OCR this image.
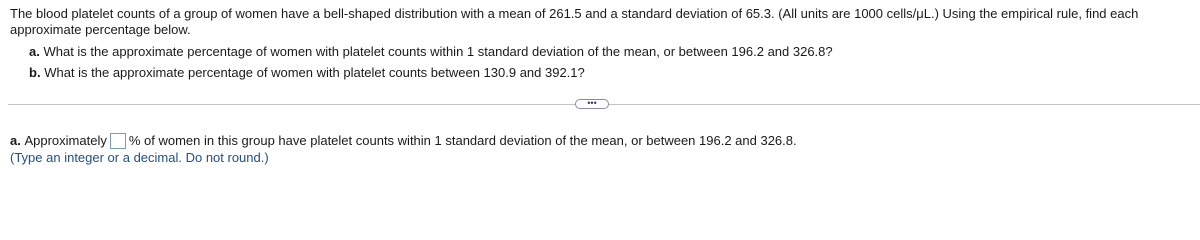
The blood platelet counts of a group of women have a bell-shaped distribution with a mean of 261.5 and a standard deviation of 65.3. (All units are 1000 cells/μL.) Using the empirical rule, find each approximate percentage below.

a. What is the approximate percentage of women with platelet counts within 1 standard deviation of the mean, or between 196.2 and 326.8?

b. What is the approximate percentage of women with platelet counts between 130.9 and 392.1?

•••
a.
Approximately % of women in this group have platelet counts within 1 standard deviation of the mean, or between 196.2 and 326.8.
(Type an integer or a decimal. Do not round.)
